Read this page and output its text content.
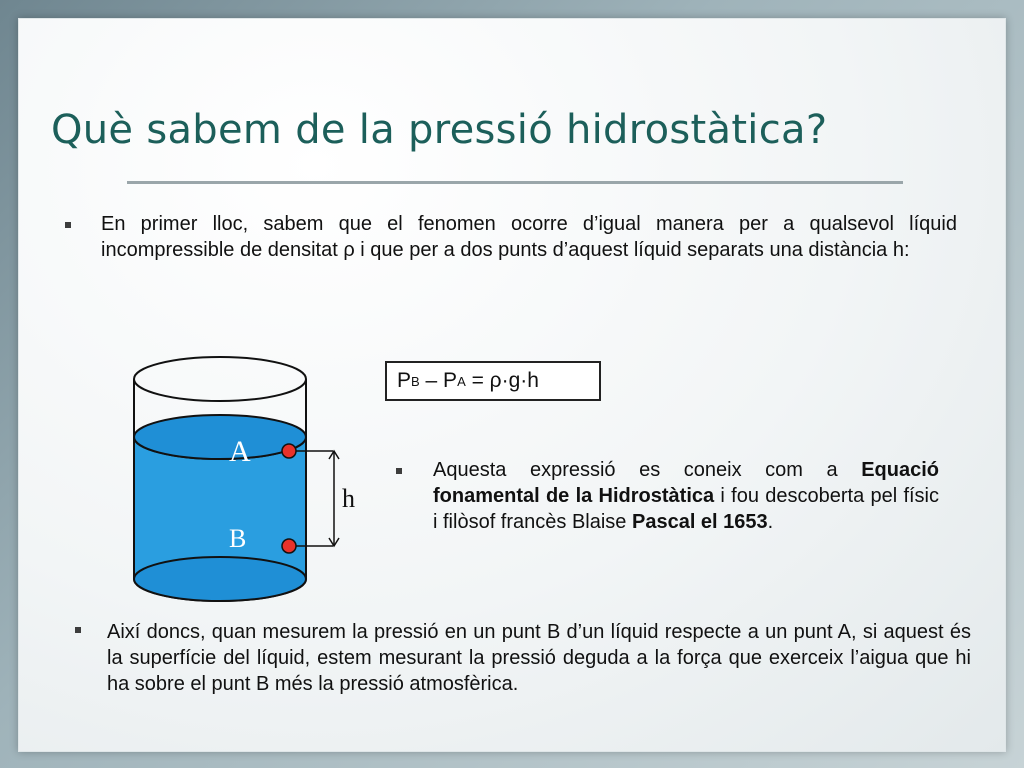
Què sabem de la pressió hidrostàtica?
En primer lloc, sabem que el fenomen ocorre d’igual manera per a qualsevol líquid incompressible de densitat ρ i que per a dos punts d’aquest líquid separats una distància h:
A
B
h
P B – P A = ρ·g·h
Aquesta expressió es coneix com a Equació fonamental de la Hidrostàtica i fou descoberta pel físic i filòsof francès Blaise Pascal el 1653.
Així doncs, quan mesurem la pressió en un punt B d’un líquid respecte a un punt A, si aquest és la superfície del líquid, estem mesurant la pressió deguda a la força que exerceix l’aigua que hi ha sobre el punt B més la pressió atmosfèrica.
